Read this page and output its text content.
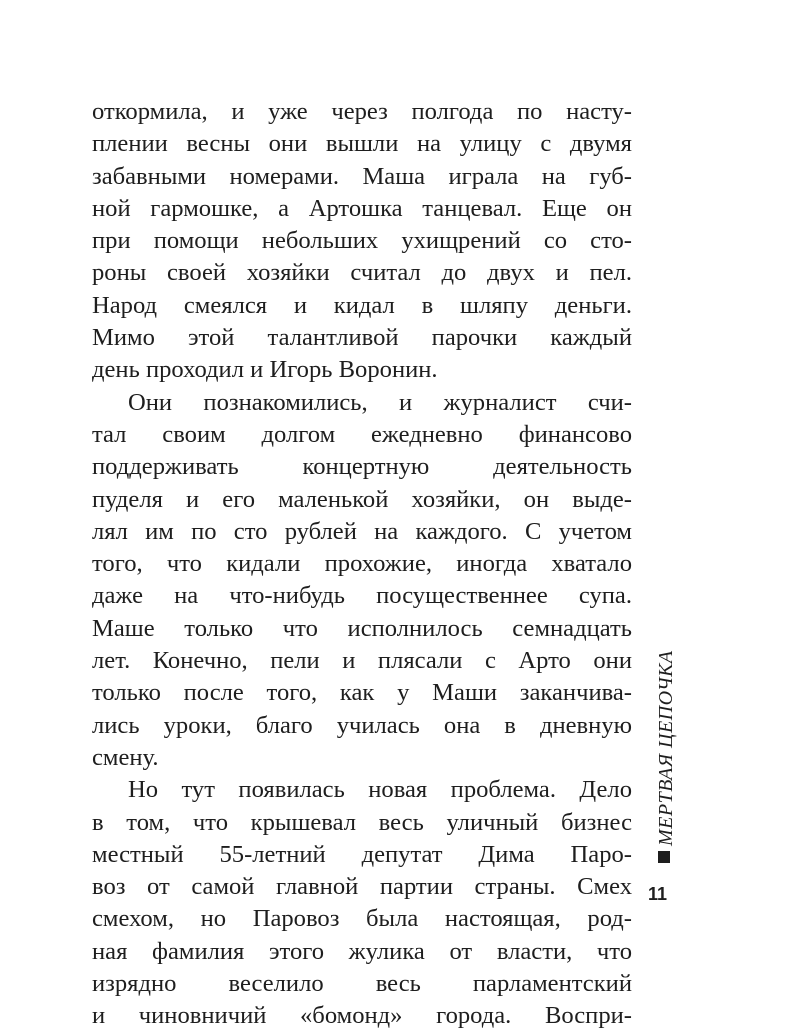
откормила, и уже через полгода по насту-
плении весны они вышли на улицу с двумя
забавными номерами. Маша играла на губ-
ной гармошке, а Артошка танцевал. Еще он
при помощи небольших ухищрений со сто-
роны своей хозяйки считал до двух и пел.
Народ смеялся и кидал в шляпу деньги.
Мимо этой талантливой парочки каждый
день проходил и Игорь Воронин.
Они познакомились, и журналист счи-
тал своим долгом ежедневно финансово
поддерживать концертную деятельность
пуделя и его маленькой хозяйки, он выде-
лял им по сто рублей на каждого. С учетом
того, что кидали прохожие, иногда хватало
даже на что-нибудь посущественнее супа.
Маше только что исполнилось семнадцать
лет. Конечно, пели и плясали с Арто они
только после того, как у Маши заканчива-
лись уроки, благо училась она в дневную
смену.
Но тут появилась новая проблема. Дело
в том, что крышевал весь уличный бизнес
местный 55-летний депутат Дима Паро-
воз от самой главной партии страны. Смех
смехом, но Паровоз была настоящая, род-
ная фамилия этого жулика от власти, что
изрядно веселило весь парламентский
и чиновничий «бомонд» города. Воспри-
МЕРТВАЯ ЦЕПОЧКА
11
